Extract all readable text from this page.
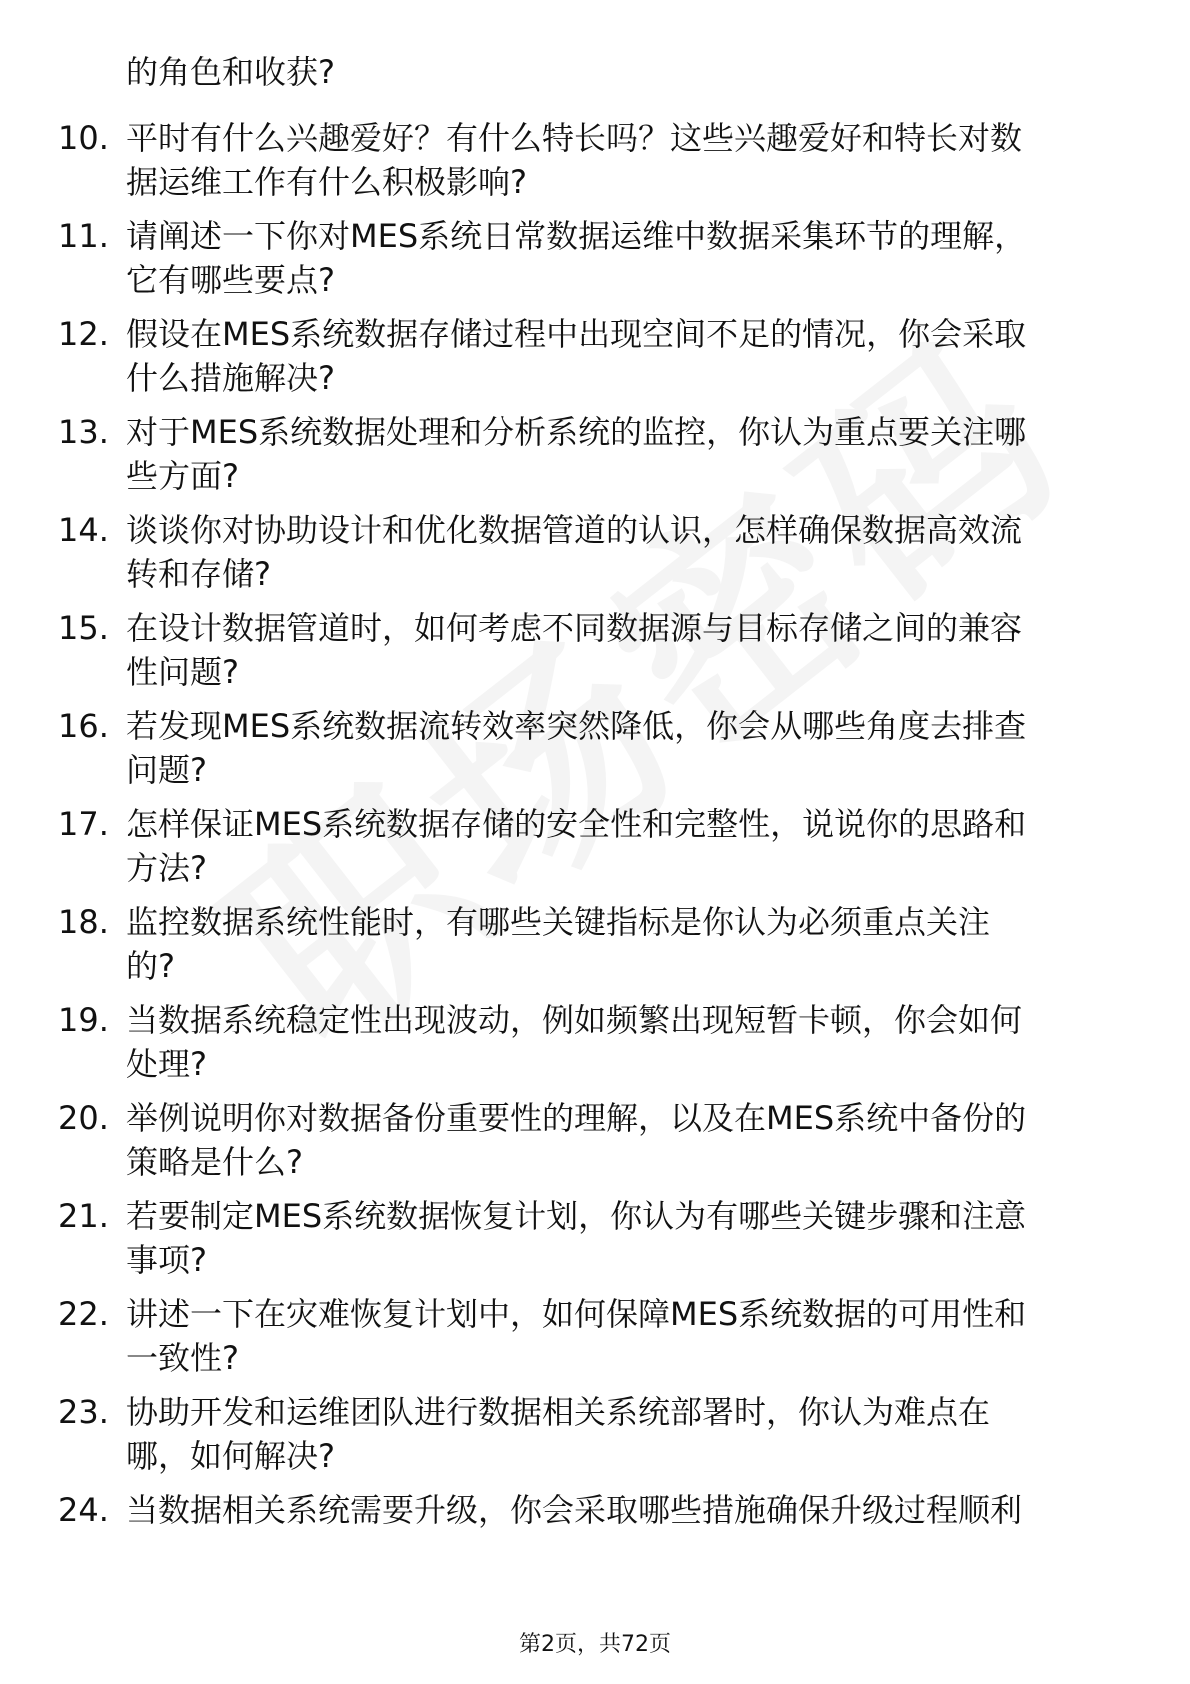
的角色和收获?
10. 平时有什么兴趣爱好？有什么特长吗？这些兴趣爱好和特长对数
据运维工作有什么积极影响?
11. 请阐述一下你对MES系统日常数据运维中数据采集环节的理解，
它有哪些要点?
12. 假设在MES系统数据存储过程中出现空间不足的情况，你会采取
什么措施解决?
13. 对于MES系统数据处理和分析系统的监控，你认为重点要关注哪
些方面?
14. 谈谈你对协助设计和优化数据管道的认识，怎样确保数据高效流
转和存储?
15. 在设计数据管道时，如何考虑不同数据源与目标存储之间的兼容
性问题?
16. 若发现MES系统数据流转效率突然降低，你会从哪些角度去排查
问题?
17. 怎样保证MES系统数据存储的安全性和完整性，说说你的思路和
方法?
18. 监控数据系统性能时，有哪些关键指标是你认为必须重点关注
的?
19. 当数据系统稳定性出现波动，例如频繁出现短暂卡顿，你会如何
处理?
20. 举例说明你对数据备份重要性的理解，以及在MES系统中备份的
策略是什么?
21. 若要制定MES系统数据恢复计划，你认为有哪些关键步骤和注意
事项?
22. 讲述一下在灾难恢复计划中，如何保障MES系统数据的可用性和
一致性?
23. 协助开发和运维团队进行数据相关系统部署时，你认为难点在
哪，如何解决?
24. 当数据相关系统需要升级，你会采取哪些措施确保升级过程顺利
第2页，共72页
